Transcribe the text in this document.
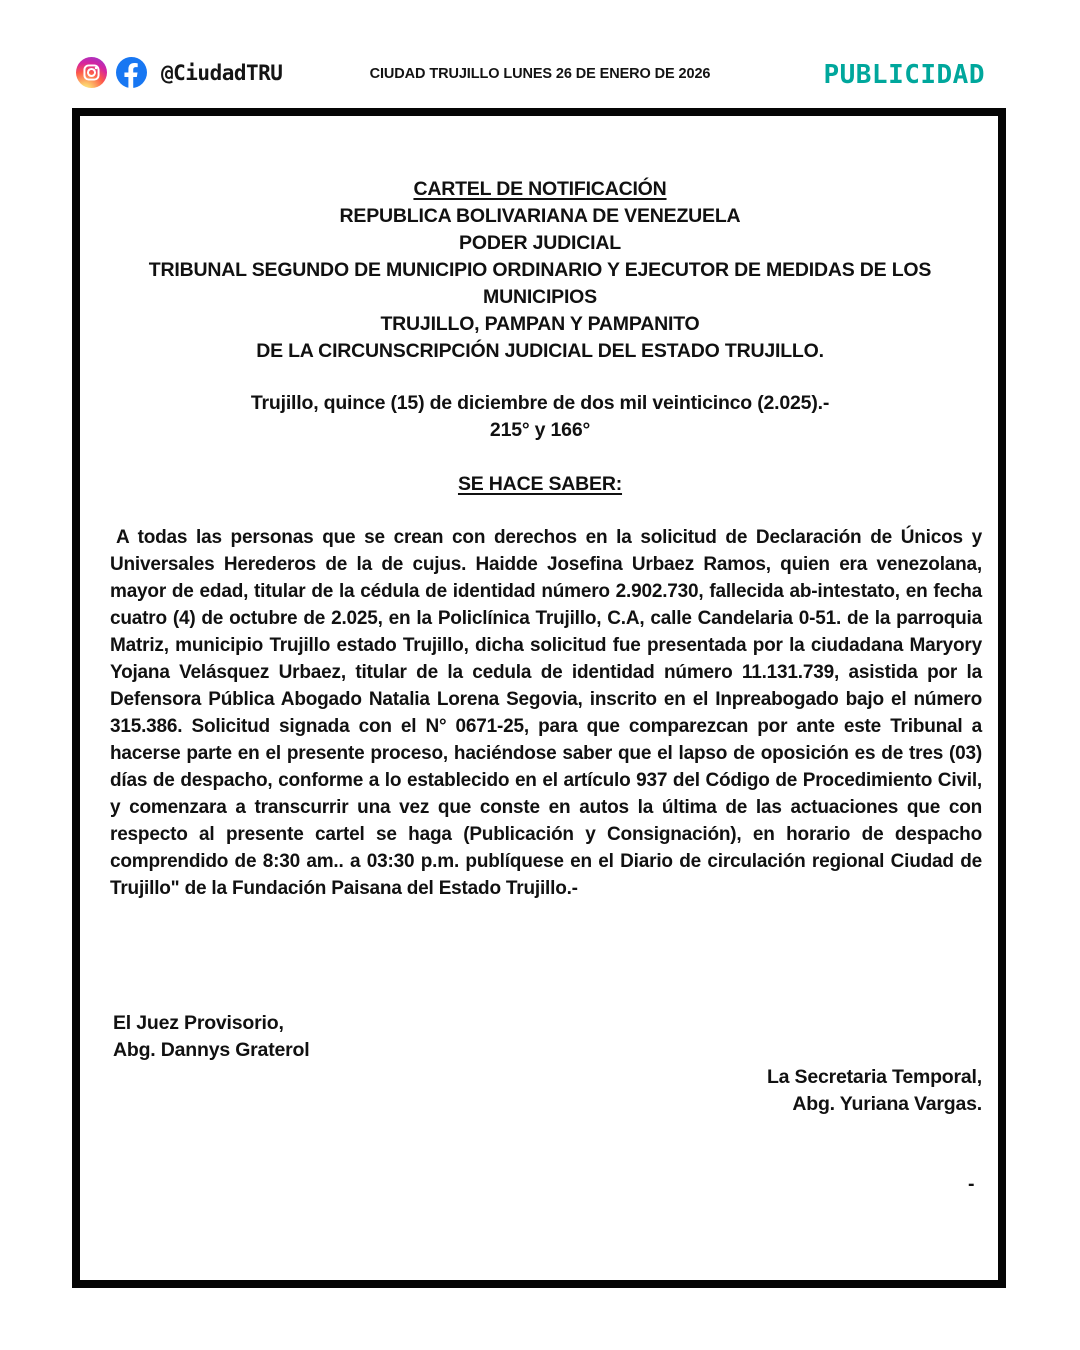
@CiudadTRU	CIUDAD TRUJILLO LUNES 26 DE ENERO DE 2026	PUBLICIDAD
CARTEL DE NOTIFICACIÓN
REPUBLICA BOLIVARIANA DE VENEZUELA
PODER JUDICIAL
TRIBUNAL SEGUNDO DE MUNICIPIO ORDINARIO Y EJECUTOR DE MEDIDAS DE LOS MUNICIPIOS
TRUJILLO, PAMPAN Y PAMPANITO
DE LA CIRCUNSCRIPCIÓN JUDICIAL DEL ESTADO TRUJILLO.
Trujillo, quince (15) de diciembre de dos mil veinticinco (2.025).-
215° y 166°
SE HACE SABER:
A todas las personas que se crean con derechos en la solicitud de Declaración de Únicos y Universales Herederos de la de cujus. Haidde Josefina Urbaez Ramos, quien era venezolana, mayor de edad, titular de la cédula de identidad número 2.902.730, fallecida ab-intestato, en fecha cuatro (4) de octubre de 2.025, en la Policlínica Trujillo, C.A, calle Candelaria 0-51. de la parroquia Matriz, municipio Trujillo estado Trujillo, dicha solicitud fue presentada por la ciudadana Maryory Yojana Velásquez Urbaez, titular de la cedula de identidad número 11.131.739, asistida por la Defensora Pública Abogado Natalia Lorena Segovia, inscrito en el Inpreabogado bajo el número 315.386. Solicitud signada con el N° 0671-25, para que comparezcan por ante este Tribunal a hacerse parte en el presente proceso, haciéndose saber que el lapso de oposición es de tres (03) días de despacho, conforme a lo establecido en el artículo 937 del Código de Procedimiento Civil, y comenzara a transcurrir una vez que conste en autos la última de las actuaciones que con respecto al presente cartel se haga (Publicación y Consignación), en horario de despacho comprendido de 8:30 am.. a 03:30 p.m. publíquese en el Diario de circulación regional Ciudad de Trujillo" de la Fundación Paisana del Estado Trujillo.-
El Juez Provisorio,
Abg. Dannys Graterol
La Secretaria Temporal,
Abg. Yuriana Vargas.
-
